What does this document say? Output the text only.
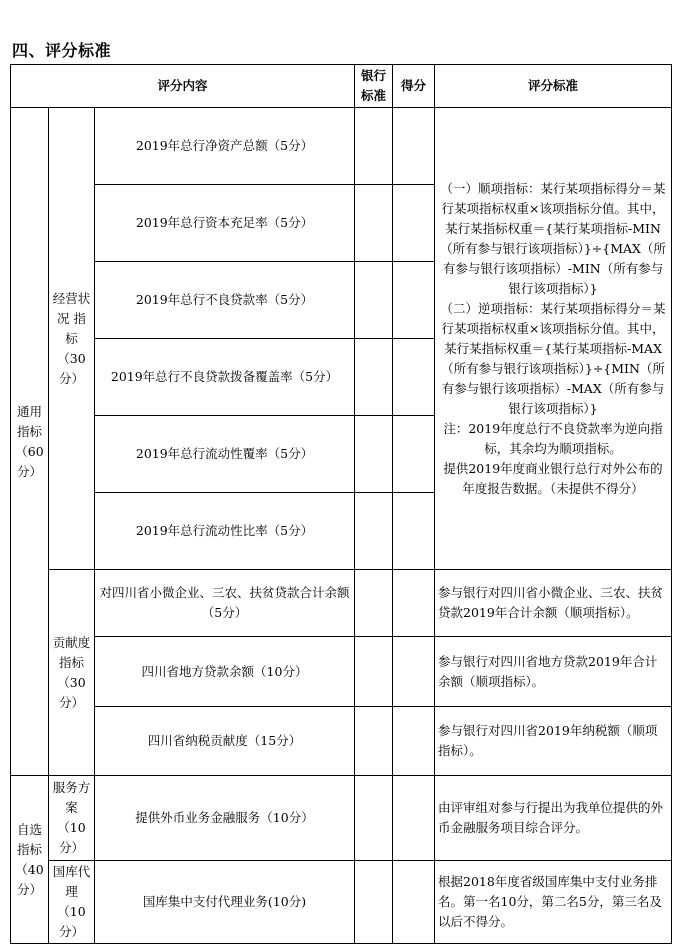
四、评分标准
评分内容			银行标准	得分	评分标准
通用指标（60分）	经营状况 指标（30分）	2019年总行净资产总额（5分）			（一）顺项指标：某行某项指标得分＝某行某项指标权重×该项指标分值。其中，某行某指标权重＝{某行某项指标-MIN（所有参与银行该项指标）}÷{MAX（所有参与银行该项指标）-MIN（所有参与银行该项指标）}
（二）逆项指标：某行某项指标得分＝某行某项指标权重×该项指标分值。其中，某行某指标权重＝{某行某项指标-MAX（所有参与银行该项指标）}÷{MIN（所有参与银行该项指标）-MAX（所有参与银行该项指标）}
注：2019年度总行不良贷款率为逆向指标，其余均为顺项指标。
提供2019年度商业银行总行对外公布的年度报告数据。（未提供不得分）

		2019年总行资本充足率（5分）			
		2019年总行不良贷款率（5分）			
		2019年总行不良贷款拨备覆盖率（5分）			
		2019年总行流动性覆率（5分）			
		2019年总行流动性比率（5分）			
	贡献度指标（30分）	对四川省小微企业、三农、扶贫贷款合计余额（5分）			参与银行对四川省小微企业、三农、扶贫贷款2019年合计余额（顺项指标）。
		四川省地方贷款余额（10分）			参与银行对四川省地方贷款2019年合计余额（顺项指标）。
		四川省纳税贡献度（15分）			参与银行对四川省2019年纳税额（顺项指标）。
自选指标（40分）	服务方案（10分）	提供外币业务金融服务（10分）			由评审组对参与行提出为我单位提供的外币金融服务项目综合评分。
	国库代理（10分）	国库集中支付代理业务(10分)			根据2018年度省级国库集中支付业务排名。第一名10分，第二名5分，第三名及以后不得分。
